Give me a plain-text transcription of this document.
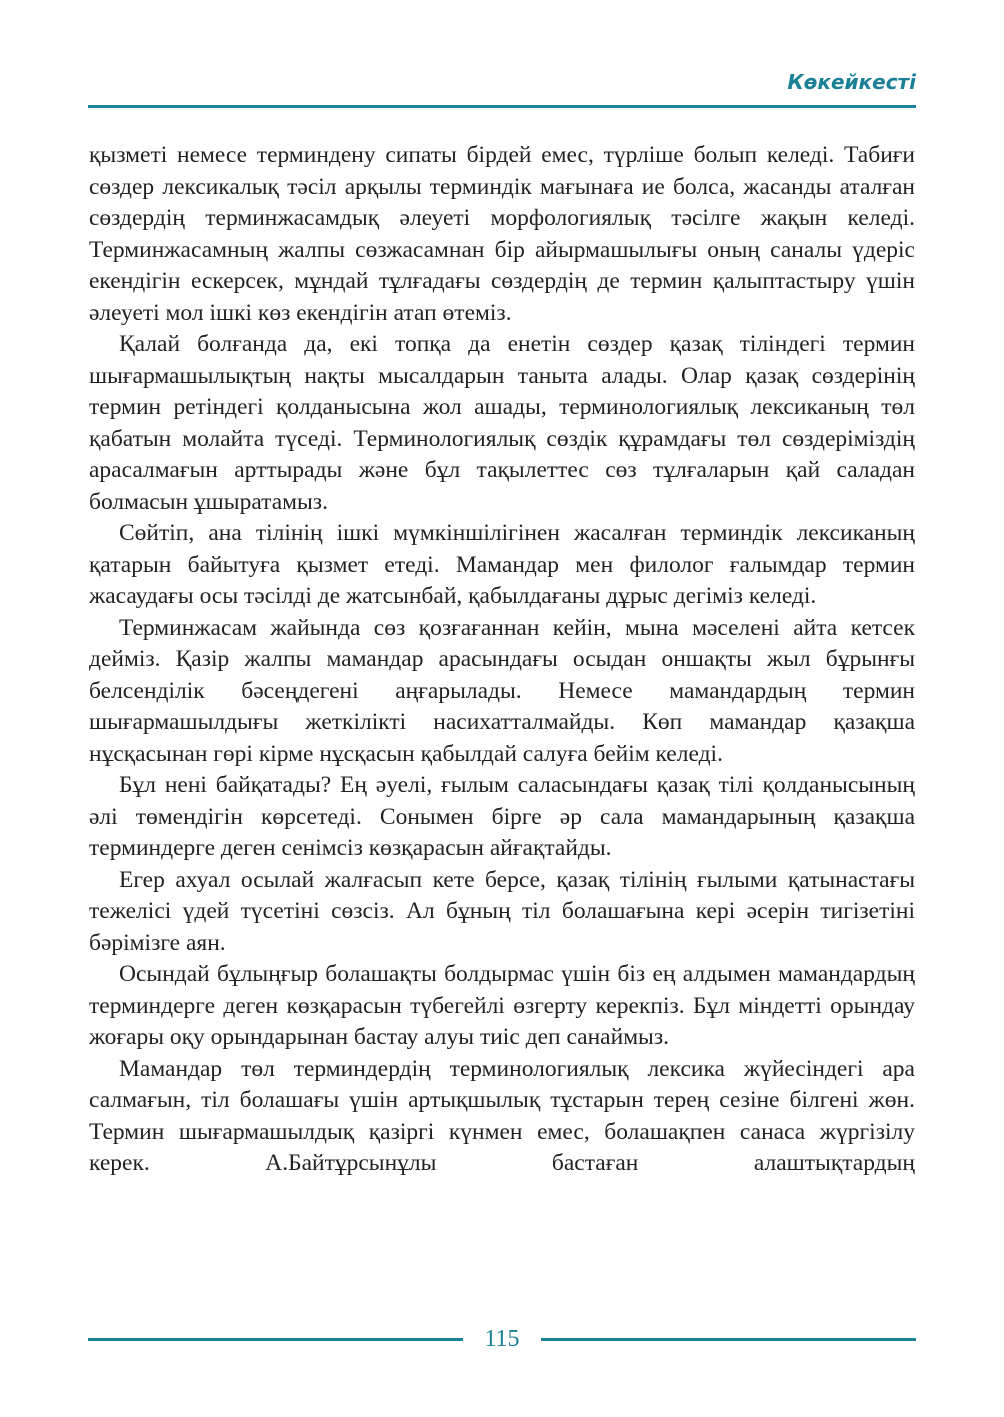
Көкейкесті

қызметі немесе терминдену сипаты бірдей емес, түрліше болып келеді. Табиғи сөздер лексикалық тәсіл арқылы терминдік мағынаға ие болса, жасанды аталған сөздердің терминжасамдық әлеуеті морфологиялық тәсілге жақын келеді. Терминжасамның жалпы сөзжасамнан бір айырмашылығы оның саналы үдеріс екендігін ескерсек, мұндай тұлғадағы сөздердің де термин қалыптастыру үшін әлеуеті мол ішкі көз екендігін атап өтеміз.

Қалай болғанда да, екі топқа да енетін сөздер қазақ тіліндегі термин шығармашылықтың нақты мысалдарын танытa алады. Олар қазақ сөздерінің термин ретіндегі қолданысына жол ашады, терминологиялық лексиканың төл қабатын молайта түседі. Терминологиялық сөздік құрамдағы төл сөздеріміздің арасалмағын арттырады және бұл тақылеттес сөз тұлғаларын қай саладан болмасын ұшыратамыз.

Сөйтіп, ана тілінің ішкі мүмкіншілігінен жасалған терминдік лексиканың қатарын байытуға қызмет етеді. Мамандар мен филолог ғалымдар термин жасаудағы осы тәсілді де жатсынбай, қабылдағаны дұрыс дегіміз келеді.

Терминжасам жайында сөз қозғағаннан кейін, мына мәселені айта кетсек дейміз. Қазір жалпы мамандар арасындағы осыдан оншақты жыл бұрынғы белсенділік бәсеңдегені аңғарылады. Немесе мамандардың термин шығармашылдығы жеткілікті насихатталмайды. Көп мамандар қазақша нұсқасынан гөрі кірме нұсқасын қабылдай салуға бейім келеді.

Бұл нені байқатады? Ең әуелі, ғылым саласындағы қазақ тілі қолданысының әлі төмендігін көрсетеді. Сонымен бірге әр сала мамандарының қазақша терминдерге деген сенімсіз көзқарасын айғақтайды.

Егер ахуал осылай жалғасып кете берсе, қазақ тілінің ғылыми қатынастағы тежелісі үдей түсетіні сөзсіз. Ал бұның тіл болашағына кері әсерін тигізетіні бәрімізге аян.

Осындай бұлыңғыр болашақты болдырмас үшін біз ең алдымен мамандардың терминдерге деген көзқарасын түбегейлі өзгерту керекпіз. Бұл міндетті орындау жоғары оқу орындарынан бастау алуы тиіс деп санаймыз.

Мамандар төл терминдердің терминологиялық лексика жүйесіндегі ара салмағын, тіл болашағы үшін артықшылық тұстарын терең сезіне білгені жөн. Термин шығармашылдық қазіргі күнмен емес, болашақпен санаса жүргізілу керек. А.Байтұрсынұлы бастаған алаштықтардың

115
